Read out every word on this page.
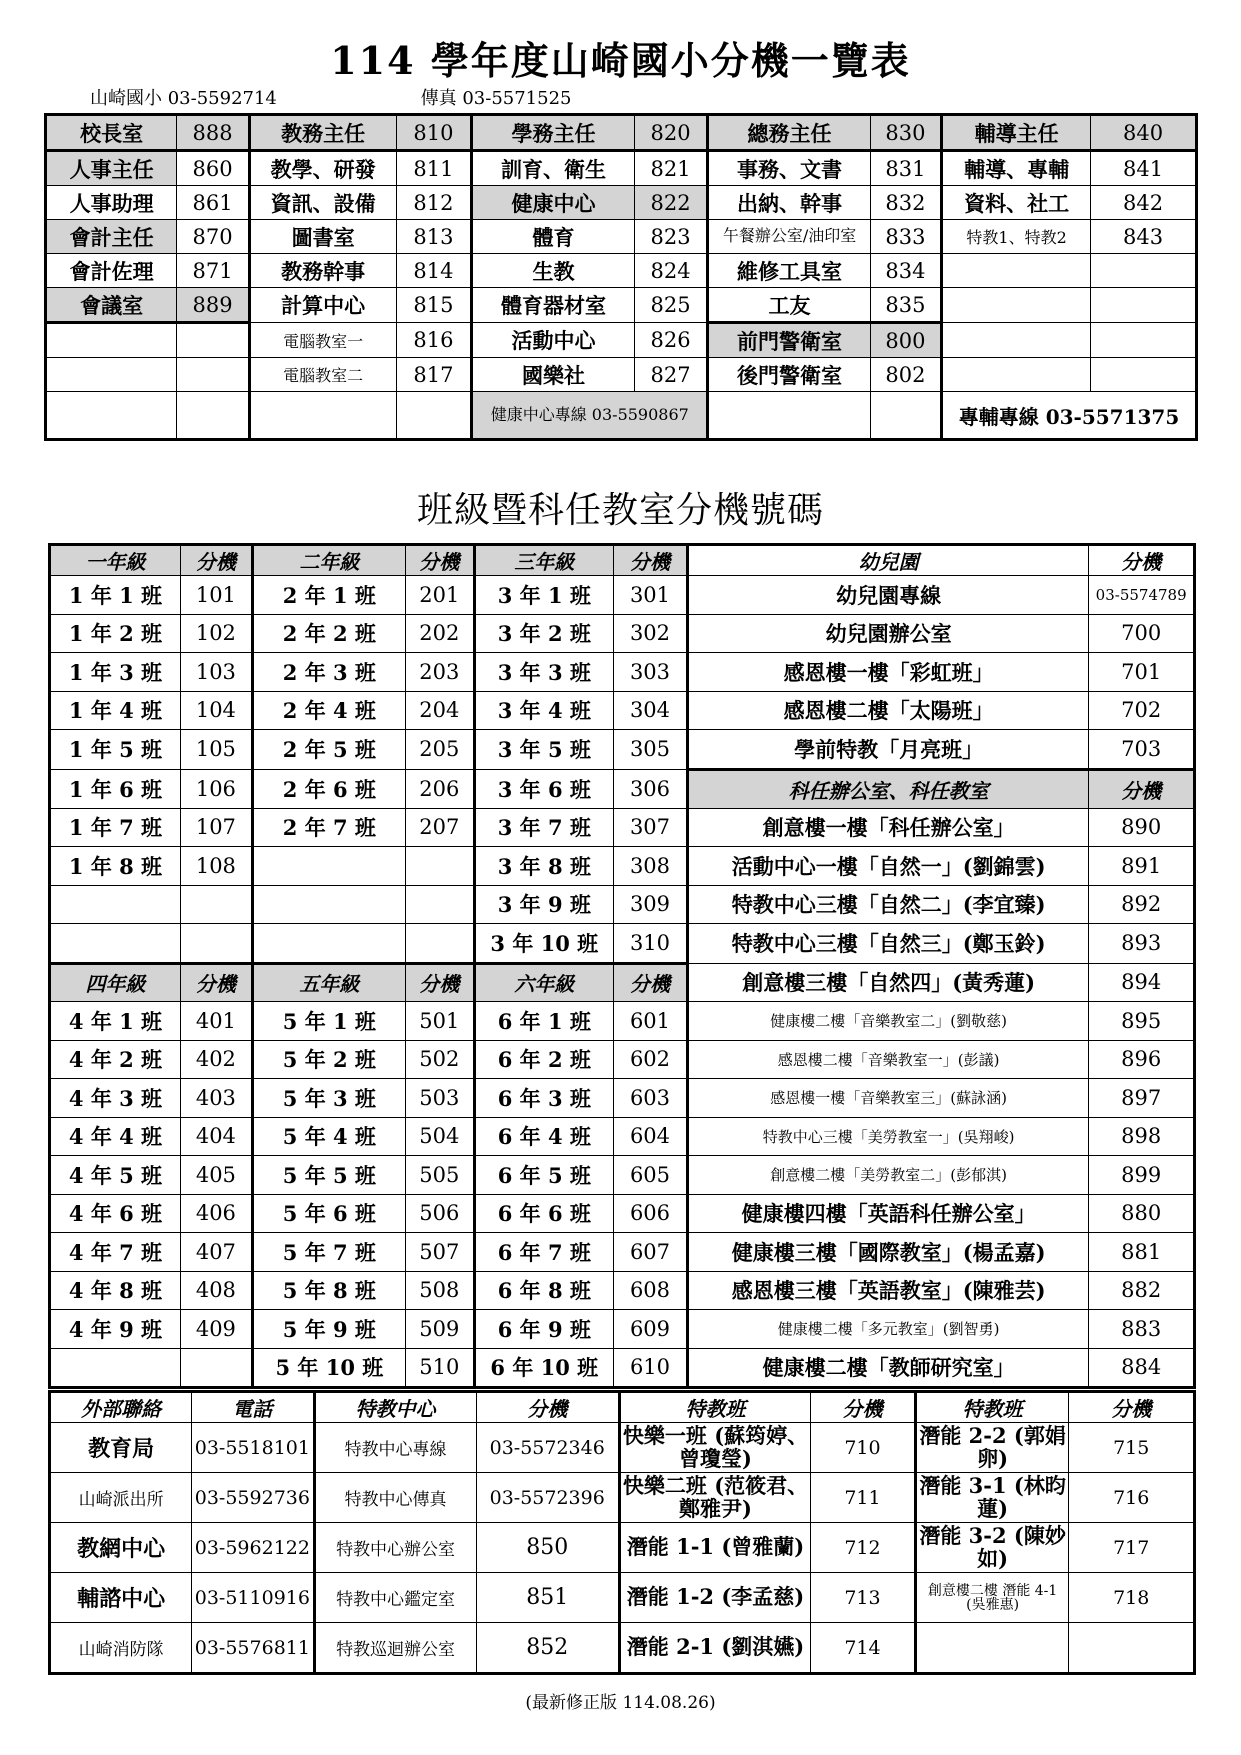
114 學年度山崎國小分機一覽表
山崎國小 03-5592714	傳真 03-5571525
校長室	888	教務主任	810	學務主任	820	總務主任	830	輔導主任	840
人事主任	860	教學、研發	811	訓育、衛生	821	事務、文書	831	輔導、專輔	841
人事助理	861	資訊、設備	812	健康中心	822	出納、幹事	832	資料、社工	842
會計主任	870	圖書室	813	體育	823	午餐辦公室/油印室	833	特教1、特教2	843
會計佐理	871	教務幹事	814	生教	824	維修工具室	834		
會議室	889	計算中心	815	體育器材室	825	工友	835		
		電腦教室一	816	活動中心	826	前門警衛室	800		
		電腦教室二	817	國樂社	827	後門警衛室	802		
				健康中心專線 03-5590867				專輔專線 03-5571375	
班級暨科任教室分機號碼
一年級	分機	二年級	分機	三年級	分機	幼兒園	分機
1 年 1 班	101	2 年 1 班	201	3 年 1 班	301	幼兒園專線	03-5574789
1 年 2 班	102	2 年 2 班	202	3 年 2 班	302	幼兒園辦公室	700
1 年 3 班	103	2 年 3 班	203	3 年 3 班	303	感恩樓一樓「彩虹班」	701
1 年 4 班	104	2 年 4 班	204	3 年 4 班	304	感恩樓二樓「太陽班」	702
1 年 5 班	105	2 年 5 班	205	3 年 5 班	305	學前特教「月亮班」	703
1 年 6 班	106	2 年 6 班	206	3 年 6 班	306	科任辦公室、科任教室	分機
1 年 7 班	107	2 年 7 班	207	3 年 7 班	307	創意樓一樓「科任辦公室」	890
1 年 8 班	108			3 年 8 班	308	活動中心一樓「自然一」(劉錦雲)	891
				3 年 9 班	309	特教中心三樓「自然二」(李宜臻)	892
				3 年 10 班	310	特教中心三樓「自然三」(鄭玉鈴)	893
四年級	分機	五年級	分機	六年級	分機	創意樓三樓「自然四」(黃秀蓮)	894
4 年 1 班	401	5 年 1 班	501	6 年 1 班	601	健康樓二樓「音樂教室二」(劉敬慈)	895
4 年 2 班	402	5 年 2 班	502	6 年 2 班	602	感恩樓二樓「音樂教室一」(彭議)	896
4 年 3 班	403	5 年 3 班	503	6 年 3 班	603	感恩樓一樓「音樂教室三」(蘇詠涵)	897
4 年 4 班	404	5 年 4 班	504	6 年 4 班	604	特教中心三樓「美勞教室一」(吳翔峻)	898
4 年 5 班	405	5 年 5 班	505	6 年 5 班	605	創意樓二樓「美勞教室二」(彭郁淇)	899
4 年 6 班	406	5 年 6 班	506	6 年 6 班	606	健康樓四樓「英語科任辦公室」	880
4 年 7 班	407	5 年 7 班	507	6 年 7 班	607	健康樓三樓「國際教室」(楊孟嘉)	881
4 年 8 班	408	5 年 8 班	508	6 年 8 班	608	感恩樓三樓「英語教室」(陳雅芸)	882
4 年 9 班	409	5 年 9 班	509	6 年 9 班	609	健康樓二樓「多元教室」(劉智勇)	883
		5 年 10 班	510	6 年 10 班	610	健康樓二樓「教師研究室」	884
外部聯絡	電話	特教中心	分機	特教班	分機	特教班	分機
教育局	03-5518101	特教中心專線	03-5572346	快樂一班 (蘇筠婷、曾瓊瑩)	710	潛能 2-2 (郭娟卵)	715
山崎派出所	03-5592736	特教中心傳真	03-5572396	快樂二班 (范筱君、鄭雅尹)	711	潛能 3-1 (林昀蓮)	716
教網中心	03-5962122	特教中心辦公室	850	潛能 1-1 (曾雅蘭)	712	潛能 3-2 (陳妙如)	717
輔諮中心	03-5110916	特教中心鑑定室	851	潛能 1-2 (李孟慈)	713	創意樓二樓 潛能 4-1 (吳雅惠)	718
山崎消防隊	03-5576811	特教巡迴辦公室	852	潛能 2-1 (劉淇嬿)	714		
(最新修正版 114.08.26)
